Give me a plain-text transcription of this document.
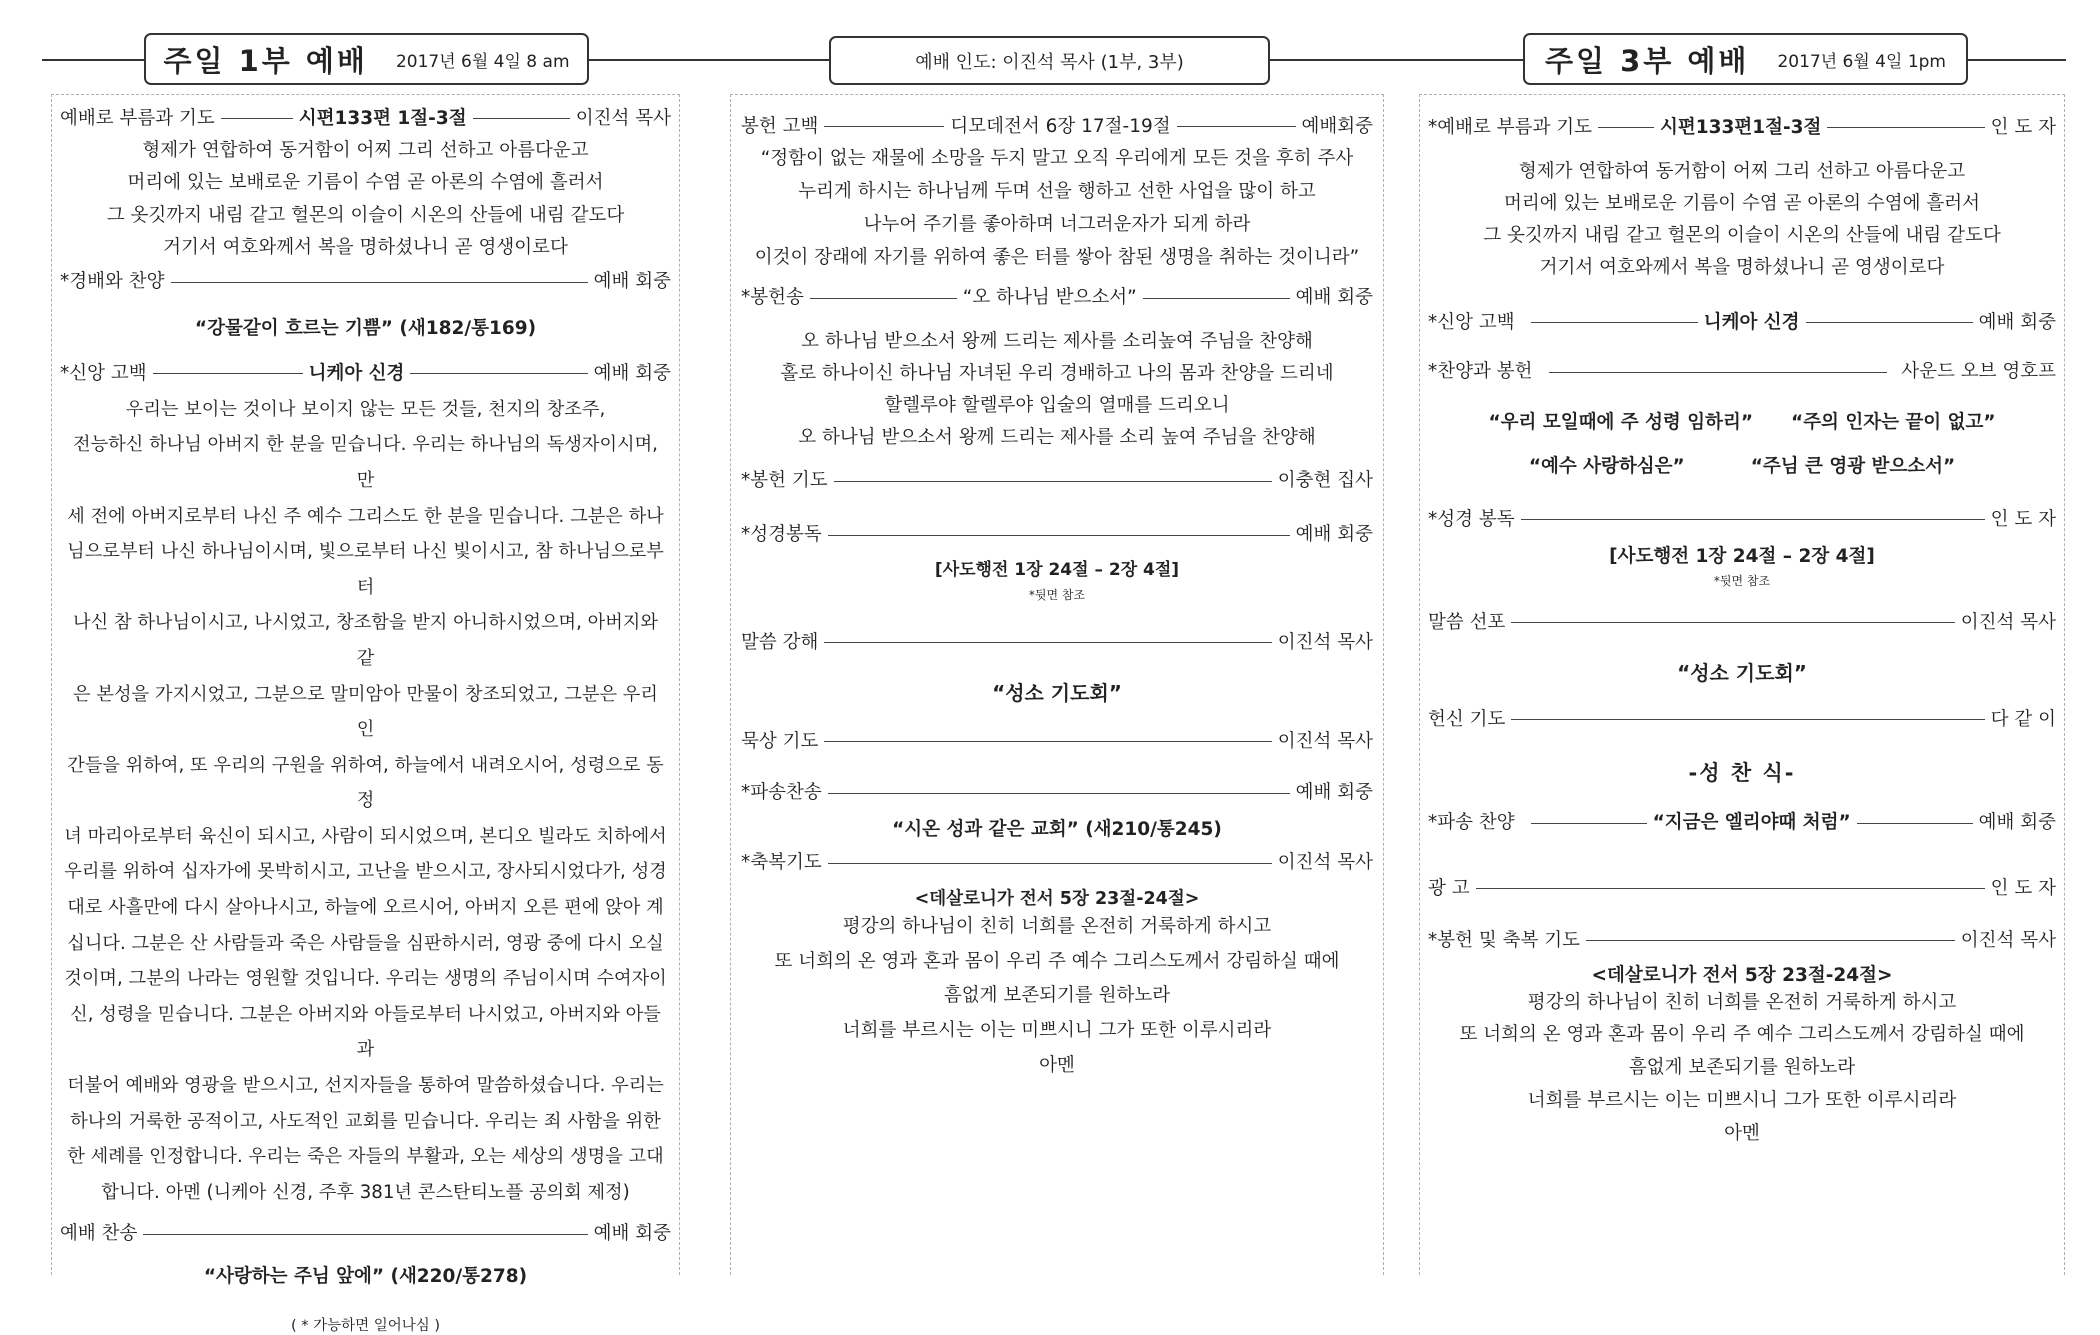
주일 1부 예배 2017년 6월 4일 8 am	예배 인도: 이진석 목사 (1부, 3부)	주일 3부 예배 2017년 6월 4일 1pm
예배로 부름과 기도	시편133편 1절-3절	이진석 목사
형제가 연합하여 동거함이 어찌 그리 선하고 아름다운고
머리에 있는 보배로운 기름이 수염 곧 아론의 수염에 흘러서
그 옷깃까지 내림 같고 헐몬의 이슬이 시온의 산들에 내림 같도다
거기서 여호와께서 복을 명하셨나니 곧 영생이로다
*경배와 찬양	예배 회중
“강물같이 흐르는 기쁨” (새182/통169)
*신앙 고백	니케아 신경	예배 회중
우리는 보이는 것이나 보이지 않는 모든 것들, 천지의 창조주,
전능하신 하나님 아버지 한 분을 믿습니다. 우리는 하나님의 독생자이시며, 만
세 전에 아버지로부터 나신 주 예수 그리스도 한 분을 믿습니다. 그분은 하나
님으로부터 나신 하나님이시며, 빛으로부터 나신 빛이시고, 참 하나님으로부터
나신 참 하나님이시고, 나시었고, 창조함을 받지 아니하시었으며, 아버지와 같
은 본성을 가지시었고, 그분으로 말미암아 만물이 창조되었고, 그분은 우리 인
간들을 위하여, 또 우리의 구원을 위하여, 하늘에서 내려오시어, 성령으로 동정
녀 마리아로부터 육신이 되시고, 사람이 되시었으며, 본디오 빌라도 치하에서
우리를 위하여 십자가에 못박히시고, 고난을 받으시고, 장사되시었다가, 성경
대로 사흘만에 다시 살아나시고, 하늘에 오르시어, 아버지 오른 편에 앉아 계
십니다. 그분은 산 사람들과 죽은 사람들을 심판하시러, 영광 중에 다시 오실
것이며, 그분의 나라는 영원할 것입니다. 우리는 생명의 주님이시며 수여자이
신, 성령을 믿습니다. 그분은 아버지와 아들로부터 나시었고, 아버지와 아들과
더불어 예배와 영광을 받으시고, 선지자들을 통하여 말씀하셨습니다. 우리는
하나의 거룩한 공적이고, 사도적인 교회를 믿습니다. 우리는 죄 사함을 위한
한 세례를 인정합니다. 우리는 죽은 자들의 부활과, 오는 세상의 생명을 고대
합니다. 아멘 (니케아 신경, 주후 381년 콘스탄티노플 공의회 제정)
예배 찬송	예배 회중
“사랑하는 주님 앞에” (새220/통278)
( * 가능하면 일어나심 )
봉헌 고백	디모데전서 6장 17절-19절	예배회중
“정함이 없는 재물에 소망을 두지 말고 오직 우리에게 모든 것을 후히 주사
누리게 하시는 하나님께 두며 선을 행하고 선한 사업을 많이 하고
나누어 주기를 좋아하며 너그러운자가 되게 하라
이것이 장래에 자기를 위하여 좋은 터를 쌓아 참된 생명을 취하는 것이니라”
*봉헌송	“오 하나님 받으소서”	예배 회중
오 하나님 받으소서 왕께 드리는 제사를 소리높여 주님을 찬양해
홀로 하나이신 하나님 자녀된 우리 경배하고 나의 몸과 찬양을 드리네
할렐루야 할렐루야 입술의 열매를 드리오니
오 하나님 받으소서 왕께 드리는 제사를 소리 높여 주님을 찬양해
*봉헌 기도	이충현 집사
*성경봉독	예배 회중
[사도행전 1장 24절 – 2장 4절]
*뒷면 참조
말씀 강해	이진석 목사
“성소 기도회”
묵상 기도	이진석 목사
*파송찬송	예배 회중
“시온 성과 같은 교회” (새210/통245)
*축복기도	이진석 목사
<데살로니가 전서 5장 23절-24절>
평강의 하나님이 친히 너희를 온전히 거룩하게 하시고
또 너희의 온 영과 혼과 몸이 우리 주 예수 그리스도께서 강림하실 때에
흠없게 보존되기를 원하노라
너희를 부르시는 이는 미쁘시니 그가 또한 이루시리라
아멘
*예배로 부름과 기도	시편133편1절-3절	인 도 자
형제가 연합하여 동거함이 어찌 그리 선하고 아름다운고
머리에 있는 보배로운 기름이 수염 곧 아론의 수염에 흘러서
그 옷깃까지 내림 같고 헐몬의 이슬이 시온의 산들에 내림 같도다
거기서 여호와께서 복을 명하셨나니 곧 영생이로다
*신앙 고백	니케아 신경	예배 회중
*찬양과 봉헌	사운드 오브 영호프
“우리 모일때에 주 성령 임하리” “주의 인자는 끝이 없고”
“예수 사랑하심은”	“주님 큰 영광 받으소서”
*성경 봉독	인 도 자
[사도행전 1장 24절 – 2장 4절]
*뒷면 참조
말씀 선포	이진석 목사
“성소 기도회”
헌신 기도	다 같 이
-성 찬 식-
*파송 찬양	“지금은 엘리야때 처럼”	예배 회중
광 고	인 도 자
*봉헌 및 축복 기도	이진석 목사
<데살로니가 전서 5장 23절-24절>
평강의 하나님이 친히 너희를 온전히 거룩하게 하시고
또 너희의 온 영과 혼과 몸이 우리 주 예수 그리스도께서 강림하실 때에
흠없게 보존되기를 원하노라
너희를 부르시는 이는 미쁘시니 그가 또한 이루시리라
아멘
